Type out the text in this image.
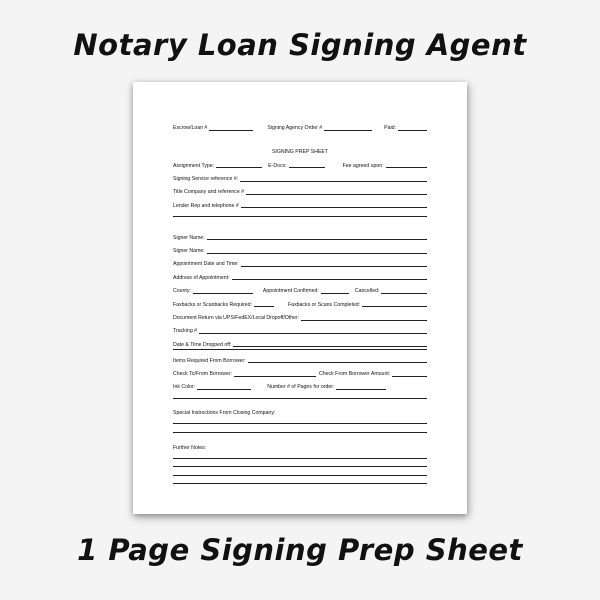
Notary Loan Signing Agent
Escrow/Loan #	Signing Agency Order #	Paid:
SIGNING PREP SHEET
Assignment Type:	E-Docs:	Fee agreed upon:
Signing Service reference #:
Title Company and reference #
Lender Rep and telephone #
Signer Name:
Signer Name:
Appointment Date and Time:
Address of Appointment:
County:	Appointment Confirmed:	Cancelled:
Faxbacks or Scanbacks Required:	Faxbacks or Scans Completed:
Document Return via UPS/FedEX/Local Dropoff/Other:
Tracking #
Date & Time Dropped off:
Items Required From Borrower:
Check To/From Borrower:	Check From Borrower Amount:
Ink Color:	Number # of Pages for order:
Special Instructions From Closing Company:
Further Notes:
1 Page Signing Prep Sheet
